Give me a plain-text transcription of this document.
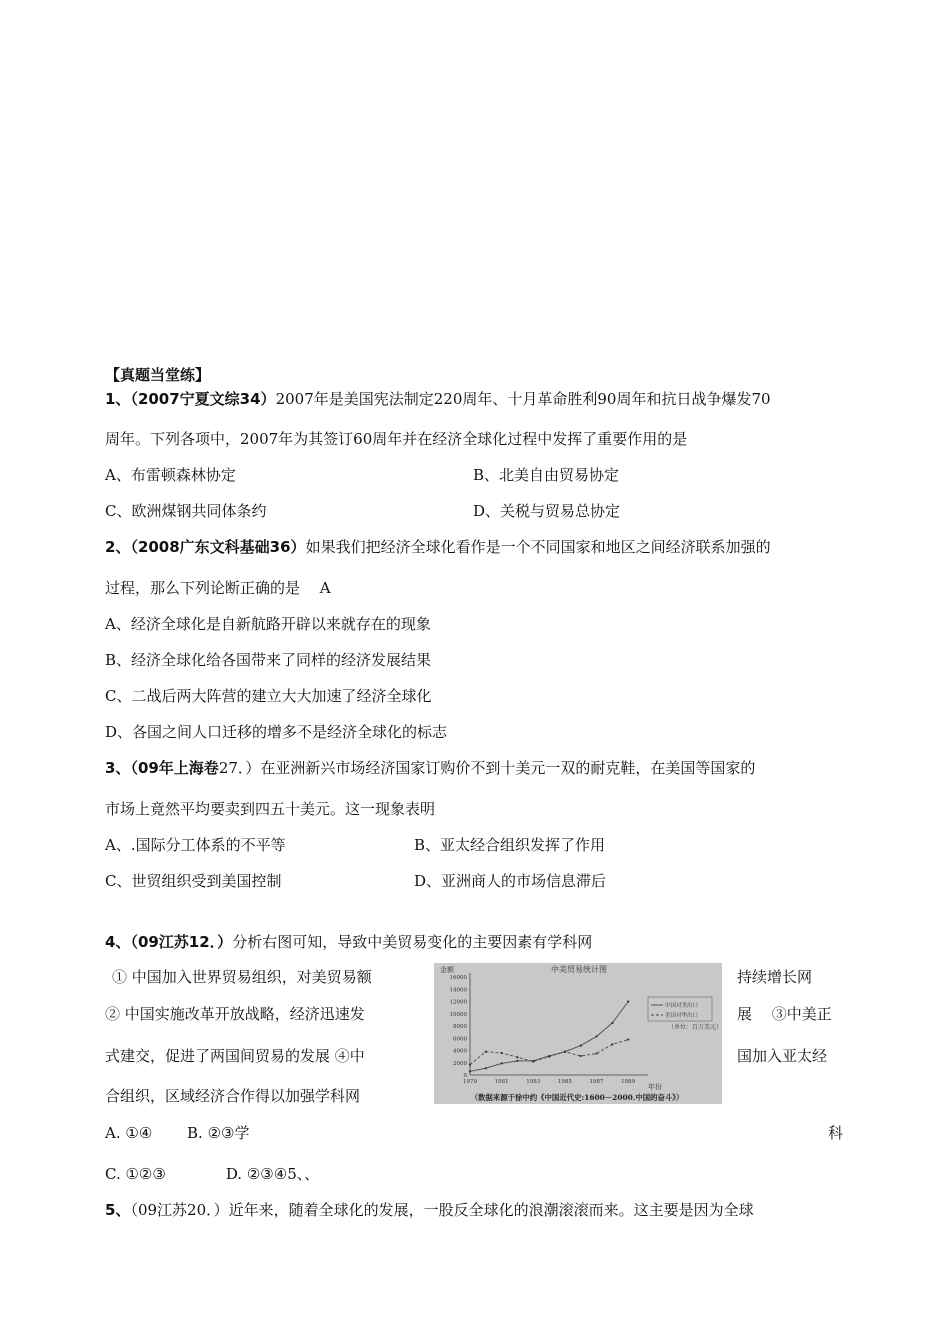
【真题当堂练】
1、（2007宁夏文综34）2007年是美国宪法制定220周年、十月革命胜利90周年和抗日战争爆发70
周年。下列各项中，2007年为其签订60周年并在经济全球化过程中发挥了重要作用的是
A、布雷顿森林协定	B、北美自由贸易协定
C、欧洲煤钢共同体条约	D、关税与贸易总协定
2、（2008广东文科基础36）如果我们把经济全球化看作是一个不同国家和地区之间经济联系加强的
过程，那么下列论断正确的是　 A
A、经济全球化是自新航路开辟以来就存在的现象
B、经济全球化给各国带来了同样的经济发展结果
C、二战后两大阵营的建立大大加速了经济全球化
D、各国之间人口迁移的增多不是经济全球化的标志
3、（09年上海卷27．）在亚洲新兴市场经济国家订购价不到十美元一双的耐克鞋，在美国等国家的
市场上竟然平均要卖到四五十美元。这一现象表明
A、.国际分工体系的不平等	B、亚太经合组织发挥了作用
C、世贸组织受到美国控制	D、亚洲商人的市场信息滞后
4、（09江苏12．）分析右图可知，导致中美贸易变化的主要因素有学科网
① 中国加入世界贸易组织，对美贸易额	持续增长网
② 中国实施改革开放战略，经济迅速发	展　 ③中美正
式建交，促进了两国间贸易的发展 ④中	国加入亚太经
合组织，区域经济合作得以加强学科网
A. ①④　　 B. ②③学	科
C. ①②③　　　　D. ②③④5、、
5、（09江苏20．）近年来，随着全球化的发展，一股反全球化的浪潮滚滚而来。这主要是因为全球
中美贸易统计图
金额
年份
（单位：百万美元）
（数据来源于徐中约《中国近代史:1600－2000.中国的奋斗》）
0
2000
4000
6000
8000
10000
12000
14000
16000
1979	1981	1983	1985	1987	1989
中国对美出口
美国对华出口
